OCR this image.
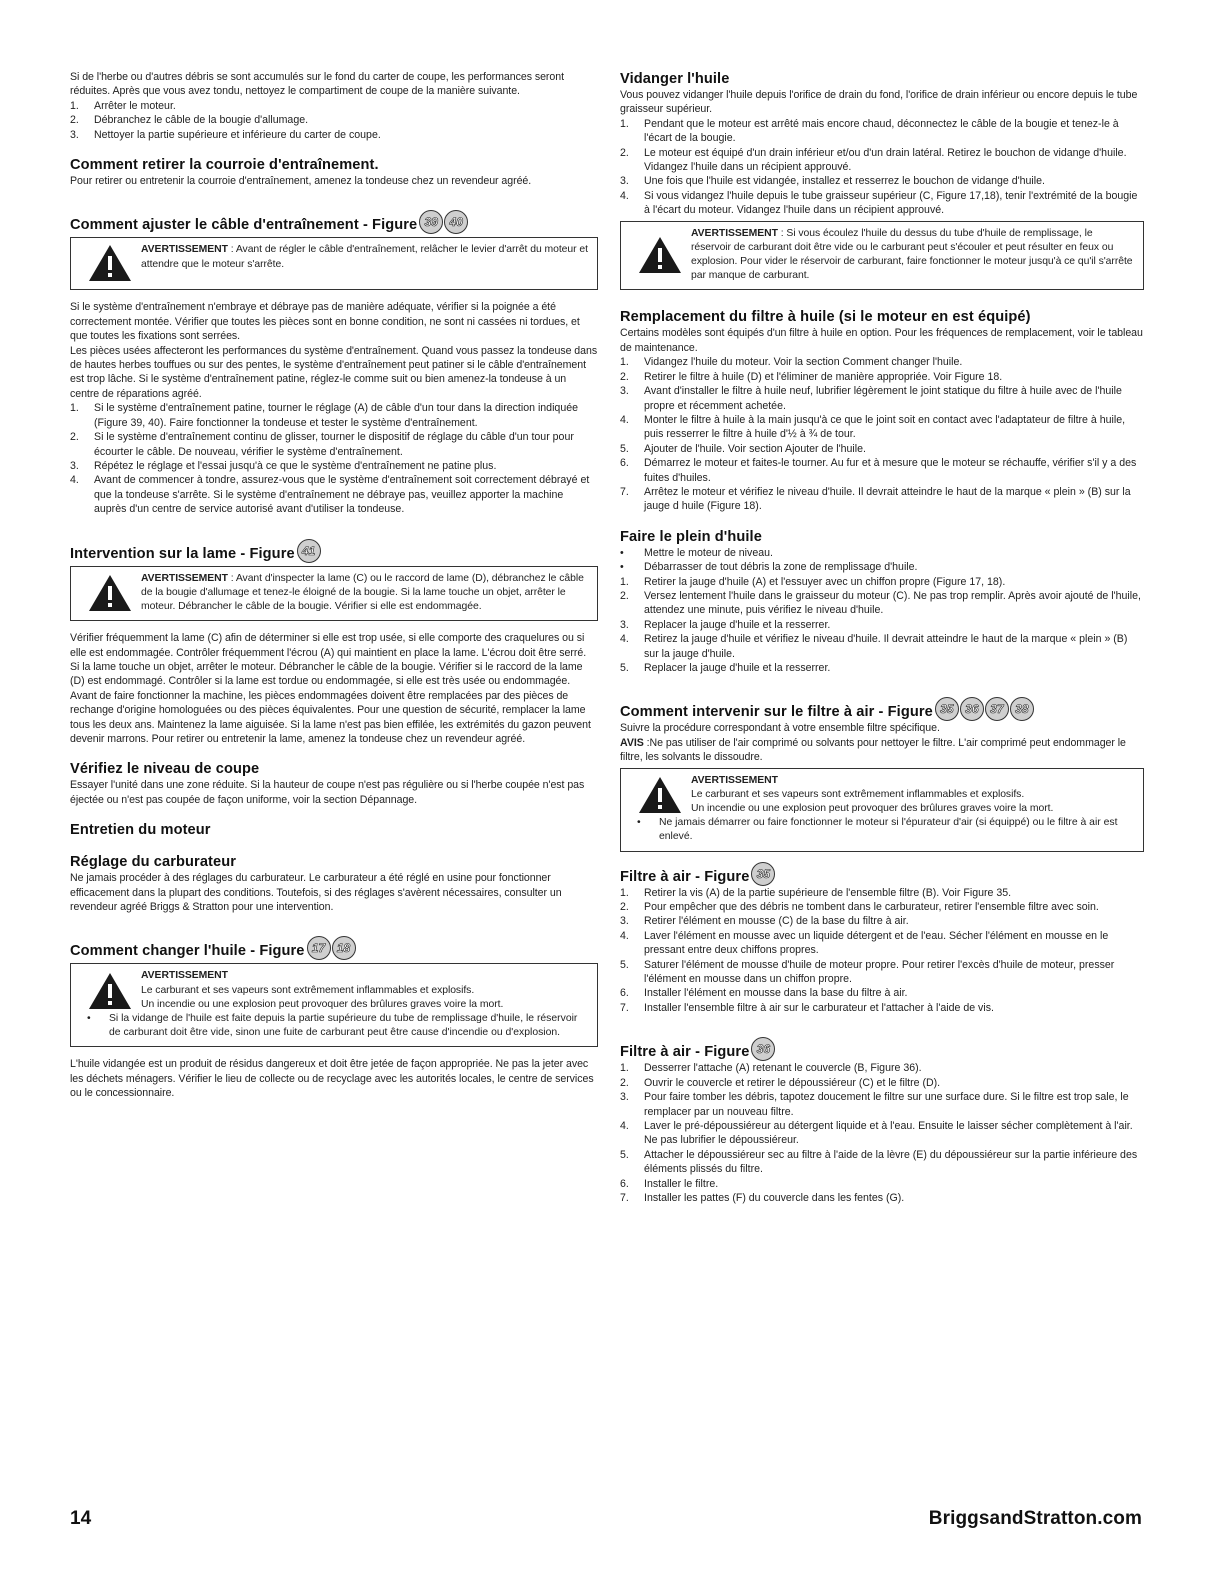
Si de l'herbe ou d'autres débris se sont accumulés sur le fond du carter de coupe, les performances seront réduites. Après que vous avez tondu, nettoyez le compartiment de coupe de la manière suivante.

1.	Arrêter le moteur.
2.	Débranchez le câble de la bougie d'allumage.
3.	Nettoyer la partie supérieure et inférieure du carter de coupe.
Comment retirer la courroie d'entraînement.

Pour retirer ou entretenir la courroie d'entraînement, amenez la tondeuse chez un revendeur agréé.

Comment ajuster le câble d'entraînement - Figure 39 40

AVERTISSEMENT : Avant de régler le câble d'entraînement, relâcher le levier d'arrêt du moteur et attendre que le moteur s'arrête.

Si le système d'entraînement n'embraye et débraye pas de manière adéquate, vérifier si la poignée a été correctement montée. Vérifier que toutes les pièces sont en bonne condition, ne sont ni cassées ni tordues, et que toutes les fixations sont serrées.

Les pièces usées affecteront les performances du système d'entraînement. Quand vous passez la tondeuse dans de hautes herbes touffues ou sur des pentes, le système d'entraînement peut patiner si le câble d'entraînement est trop lâche. Si le système d'entraînement patine, réglez-le comme suit ou bien amenez-la tondeuse à un centre de réparations agréé.

1.	Si le système d'entraînement patine, tourner le réglage (A) de câble d'un tour dans la direction indiquée (Figure 39, 40). Faire fonctionner la tondeuse et tester le système d'entraînement.
2.	Si le système d'entraînement continu de glisser, tourner le dispositif de réglage du câble d'un tour pour écourter le câble. De nouveau, vérifier le système d'entraînement.
3.	Répétez le réglage et l'essai jusqu'à ce que le système d'entraînement ne patine plus.
4.	Avant de commencer à tondre, assurez-vous que le système d'entraînement soit correctement débrayé et que la tondeuse s'arrête. Si le système d'entraînement ne débraye pas, veuillez apporter la machine auprès d'un centre de service autorisé avant d'utiliser la tondeuse.
Intervention sur la lame - Figure 41

AVERTISSEMENT : Avant d'inspecter la lame (C) ou le raccord de lame (D), débranchez le câble de la bougie d'allumage et tenez-le éloigné de la bougie. Si la lame touche un objet, arrêter le moteur. Débrancher le câble de la bougie. Vérifier si elle est endommagée.

Vérifier fréquemment la lame (C) afin de déterminer si elle est trop usée, si elle comporte des craquelures ou si elle est endommagée. Contrôler fréquemment l'écrou (A) qui maintient en place la lame. L'écrou doit être serré. Si la lame touche un objet, arrêter le moteur. Débrancher le câble de la bougie. Vérifier si le raccord de la lame (D) est endommagé. Contrôler si la lame est tordue ou endommagée, si elle est très usée ou endommagée. Avant de faire fonctionner la machine, les pièces endommagées doivent être remplacées par des pièces de rechange d'origine homologuées ou des pièces équivalentes. Pour une question de sécurité, remplacer la lame tous les deux ans. Maintenez la lame aiguisée. Si la lame n'est pas bien effilée, les extrémités du gazon peuvent devenir marrons. Pour retirer ou entretenir la lame, amenez la tondeuse chez un revendeur agréé.

Vérifiez le niveau de coupe

Essayer l'unité dans une zone réduite. Si la hauteur de coupe n'est pas régulière ou si l'herbe coupée n'est pas éjectée ou n'est pas coupée de façon uniforme, voir la section Dépannage.

Entretien du moteur
Réglage du carburateur

Ne jamais procéder à des réglages du carburateur. Le carburateur a été réglé en usine pour fonctionner efficacement dans la plupart des conditions. Toutefois, si des réglages s'avèrent nécessaires, consulter un revendeur agréé Briggs & Stratton pour une intervention.

Comment changer l'huile - Figure 17 18

AVERTISSEMENT

Le carburant et ses vapeurs sont extrêmement inflammables et explosifs.

Un incendie ou une explosion peut provoquer des brûlures graves voire la mort.

•	Si la vidange de l'huile est faite depuis la partie supérieure du tube de remplissage d'huile, le réservoir de carburant doit être vide, sinon une fuite de carburant peut être cause d'incendie ou d'explosion.

L'huile vidangée est un produit de résidus dangereux et doit être jetée de façon appropriée. Ne pas la jeter avec les déchets ménagers. Vérifier le lieu de collecte ou de recyclage avec les autorités locales, le centre de services ou le concessionnaire.

Vidanger l'huile

Vous pouvez vidanger l'huile depuis l'orifice de drain du fond, l'orifice de drain inférieur ou encore depuis le tube graisseur supérieur.

1.	Pendant que le moteur est arrêté mais encore chaud, déconnectez le câble de la bougie et tenez-le à l'écart de la bougie.
2.	Le moteur est équipé d'un drain inférieur et/ou d'un drain latéral. Retirez le bouchon de vidange d'huile. Vidangez l'huile dans un récipient approuvé.
3.	Une fois que l'huile est vidangée, installez et resserrez le bouchon de vidange d'huile.
4.	Si vous vidangez l'huile depuis le tube graisseur supérieur (C, Figure 17,18), tenir l'extrémité de la bougie à l'écart du moteur. Vidangez l'huile dans un récipient approuvé.

AVERTISSEMENT : Si vous écoulez l'huile du dessus du tube d'huile de remplissage, le réservoir de carburant doit être vide ou le carburant peut s'écouler et peut résulter en feux ou explosion. Pour vider le réservoir de carburant, faire fonctionner le moteur jusqu'à ce qu'il s'arrête par manque de carburant.

Remplacement du filtre à huile (si le moteur en est équipé)

Certains modèles sont équipés d'un filtre à huile en option. Pour les fréquences de remplacement, voir le tableau de maintenance.

1.	Vidangez l'huile du moteur. Voir la section Comment changer l'huile.
2.	Retirer le filtre à huile (D) et l'éliminer de manière appropriée. Voir Figure 18.
3.	Avant d'installer le filtre à huile neuf, lubrifier légèrement le joint statique du filtre à huile avec de l'huile propre et récemment achetée.
4.	Monter le filtre à huile à la main jusqu'à ce que le joint soit en contact avec l'adaptateur de filtre à huile, puis resserrer le filtre à huile d'½ à ¾ de tour.
5.	Ajouter de l'huile. Voir section Ajouter de l'huile.
6.	Démarrez le moteur et faites-le tourner. Au fur et à mesure que le moteur se réchauffe, vérifier s'il y a des fuites d'huiles.
7.	Arrêtez le moteur et vérifiez le niveau d'huile. Il devrait atteindre le haut de la marque « plein » (B) sur la jauge d huile (Figure 18).
Faire le plein d'huile
•	Mettre le moteur de niveau.
•	Débarrasser de tout débris la zone de remplissage d'huile.
1.	Retirer la jauge d'huile (A) et l'essuyer avec un chiffon propre (Figure 17, 18).
2.	Versez lentement l'huile dans le graisseur du moteur (C). Ne pas trop remplir. Après avoir ajouté de l'huile, attendez une minute, puis vérifiez le niveau d'huile.
3.	Replacer la jauge d'huile et la resserrer.
4.	Retirez la jauge d'huile et vérifiez le niveau d'huile. Il devrait atteindre le haut de la marque « plein » (B) sur la jauge d'huile.
5.	Replacer la jauge d'huile et la resserrer.
Comment intervenir sur le filtre à air - Figure 35 36 37 38

Suivre la procédure correspondant à votre ensemble filtre spécifique.

AVIS :Ne pas utiliser de l'air comprimé ou solvants pour nettoyer le filtre. L'air comprimé peut endommager le filtre, les solvants le dissoudre.

AVERTISSEMENT

Le carburant et ses vapeurs sont extrêmement inflammables et explosifs.

Un incendie ou une explosion peut provoquer des brûlures graves voire la mort.

•	Ne jamais démarrer ou faire fonctionner le moteur si l'épurateur d'air (si équippé) ou le filtre à air est enlevé.
Filtre à air - Figure 35
1.	Retirer la vis (A) de la partie supérieure de l'ensemble filtre (B). Voir Figure 35.
2.	Pour empêcher que des débris ne tombent dans le carburateur, retirer l'ensemble filtre avec soin.
3.	Retirer l'élément en mousse (C) de la base du filtre à air.
4.	Laver l'élément en mousse avec un liquide détergent et de l'eau. Sécher l'élément en mousse en le pressant entre deux chiffons propres.
5.	Saturer l'élément de mousse d'huile de moteur propre. Pour retirer l'excès d'huile de moteur, presser l'élément en mousse dans un chiffon propre.
6.	Installer l'élément en mousse dans la base du filtre à air.
7.	Installer l'ensemble filtre à air sur le carburateur et l'attacher à l'aide de vis.
Filtre à air - Figure 36
1.	Desserrer l'attache (A) retenant le couvercle (B, Figure 36).
2.	Ouvrir le couvercle et retirer le dépoussiéreur (C) et le filtre (D).
3.	Pour faire tomber les débris, tapotez doucement le filtre sur une surface dure. Si le filtre est trop sale, le remplacer par un nouveau filtre.
4.	Laver le pré-dépoussiéreur au détergent liquide et à l'eau. Ensuite le laisser sécher complètement à l'air. Ne pas lubrifier le dépoussiéreur.
5.	Attacher le dépoussiéreur sec au filtre à l'aide de la lèvre (E) du dépoussiéreur sur la partie inférieure des éléments plissés du filtre.
6.	Installer le filtre.
7.	Installer les pattes (F) du couvercle dans les fentes (G).
14	BriggsandStratton.com
